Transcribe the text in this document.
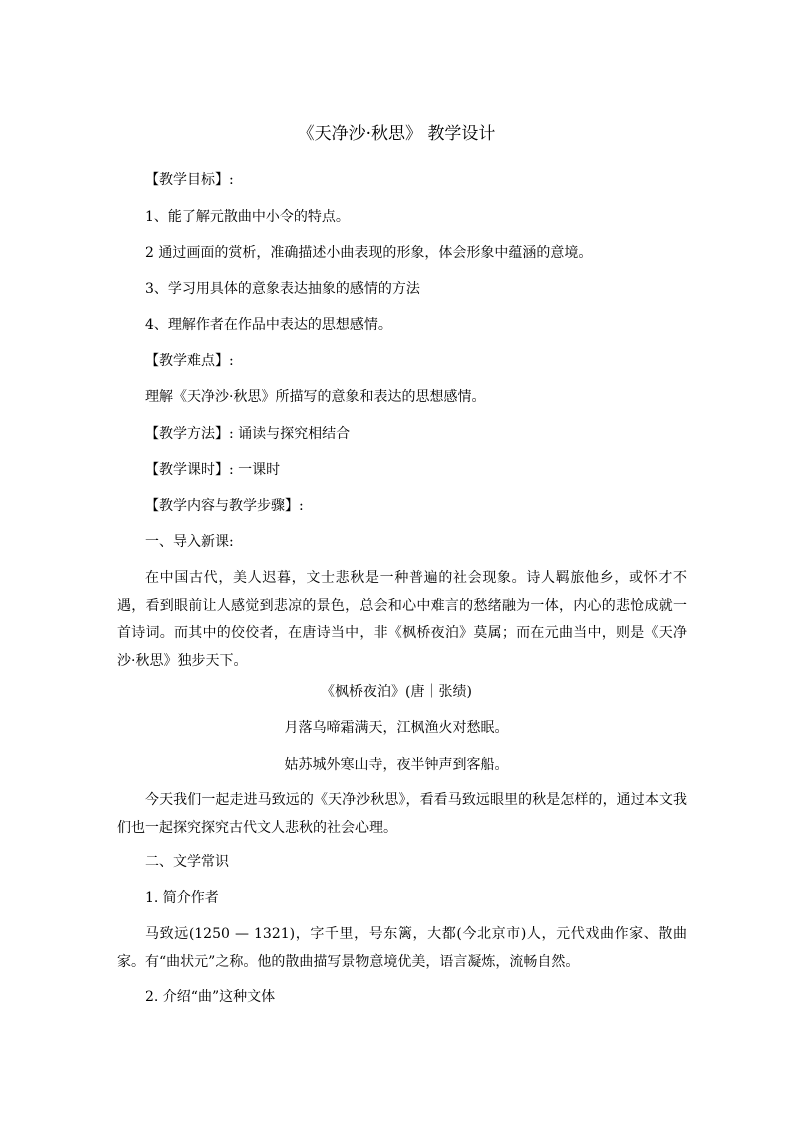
《天净沙·秋思》 教学设计
【教学目标】:
1、能了解元散曲中小令的特点。
2 通过画面的赏析，准确描述小曲表现的形象，体会形象中蕴涵的意境。
3、学习用具体的意象表达抽象的感情的方法
4、理解作者在作品中表达的思想感情。
【教学难点】:
理解《天净沙·秋思》所描写的意象和表达的思想感情。
【教学方法】: 诵读与探究相结合
【教学课时】: 一课时
【教学内容与教学步骤】:
一、导入新课:
在中国古代，美人迟暮，文士悲秋是一种普遍的社会现象。诗人羁旅他乡，或怀才不遇，看到眼前让人感觉到悲凉的景色，总会和心中难言的愁绪融为一体，内心的悲怆成就一首诗词。而其中的佼佼者，在唐诗当中，非《枫桥夜泊》莫属；而在元曲当中，则是《天净沙·秋思》独步天下。
《枫桥夜泊》(唐｜张绩)
月落乌啼霜满天，江枫渔火对愁眠。
姑苏城外寒山寺，夜半钟声到客船。
今天我们一起走进马致远的《天净沙秋思》，看看马致远眼里的秋是怎样的，通过本文我们也一起探究探究古代文人悲秋的社会心理。
二、文学常识
1. 简介作者
马致远(1250 — 1321)，字千里，号东篱，大都(今北京市)人，元代戏曲作家、散曲家。有“曲状元”之称。他的散曲描写景物意境优美，语言凝炼，流畅自然。
2. 介绍“曲”这种文体
